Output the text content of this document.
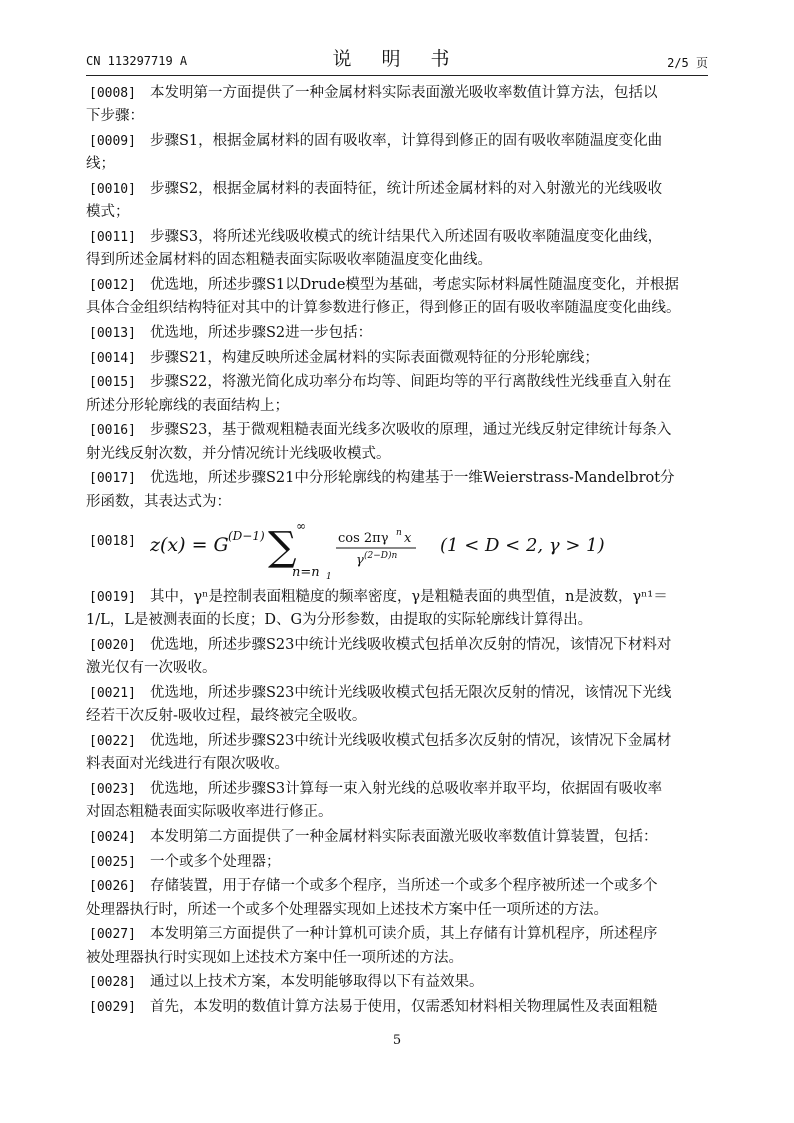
CN 113297719 A	说 明 书	2/5 页
[0008] 本发明第一方面提供了一种金属材料实际表面激光吸收率数值计算方法，包括以
下步骤：
[0009] 步骤S1，根据金属材料的固有吸收率，计算得到修正的固有吸收率随温度变化曲
线；
[0010] 步骤S2，根据金属材料的表面特征，统计所述金属材料的对入射激光的光线吸收
模式；
[0011] 步骤S3，将所述光线吸收模式的统计结果代入所述固有吸收率随温度变化曲线，
得到所述金属材料的固态粗糙表面实际吸收率随温度变化曲线。
[0012] 优选地，所述步骤S1以Drude模型为基础，考虑实际材料属性随温度变化，并根据
具体合金组织结构特征对其中的计算参数进行修正，得到修正的固有吸收率随温度变化曲线。
[0013] 优选地，所述步骤S2进一步包括：
[0014] 步骤S21，构建反映所述金属材料的实际表面微观特征的分形轮廓线；
[0015] 步骤S22，将激光简化成功率分布均等、间距均等的平行离散线性光线垂直入射在
所述分形轮廓线的表面结构上；
[0016] 步骤S23，基于微观粗糙表面光线多次吸收的原理，通过光线反射定律统计每条入
射光线反射次数，并分情况统计光线吸收模式。
[0017] 优选地，所述步骤S21中分形轮廓线的构建基于一维Weierstrass-Mandelbrot分
形函数，其表达式为：
[0018] z(x) = G (D−1) ∑ ∞
n=n 1
cos 2πγ n x
γ (2−D)n (1 < D < 2, γ > 1)
[0019] 其中，γⁿ是控制表面粗糙度的频率密度，γ是粗糙表面的典型值，n是波数，γⁿ¹＝
1/L，L是被测表面的长度；D、G为分形参数，由提取的实际轮廓线计算得出。
[0020] 优选地，所述步骤S23中统计光线吸收模式包括单次反射的情况，该情况下材料对
激光仅有一次吸收。
[0021] 优选地，所述步骤S23中统计光线吸收模式包括无限次反射的情况，该情况下光线
经若干次反射-吸收过程，最终被完全吸收。
[0022] 优选地，所述步骤S23中统计光线吸收模式包括多次反射的情况，该情况下金属材
料表面对光线进行有限次吸收。
[0023] 优选地，所述步骤S3计算每一束入射光线的总吸收率并取平均，依据固有吸收率
对固态粗糙表面实际吸收率进行修正。
[0024] 本发明第二方面提供了一种金属材料实际表面激光吸收率数值计算装置，包括：
[0025] 一个或多个处理器；
[0026] 存储装置，用于存储一个或多个程序，当所述一个或多个程序被所述一个或多个
处理器执行时，所述一个或多个处理器实现如上述技术方案中任一项所述的方法。
[0027] 本发明第三方面提供了一种计算机可读介质，其上存储有计算机程序，所述程序
被处理器执行时实现如上述技术方案中任一项所述的方法。
[0028] 通过以上技术方案，本发明能够取得以下有益效果。
[0029] 首先，本发明的数值计算方法易于使用，仅需悉知材料相关物理属性及表面粗糙
5
